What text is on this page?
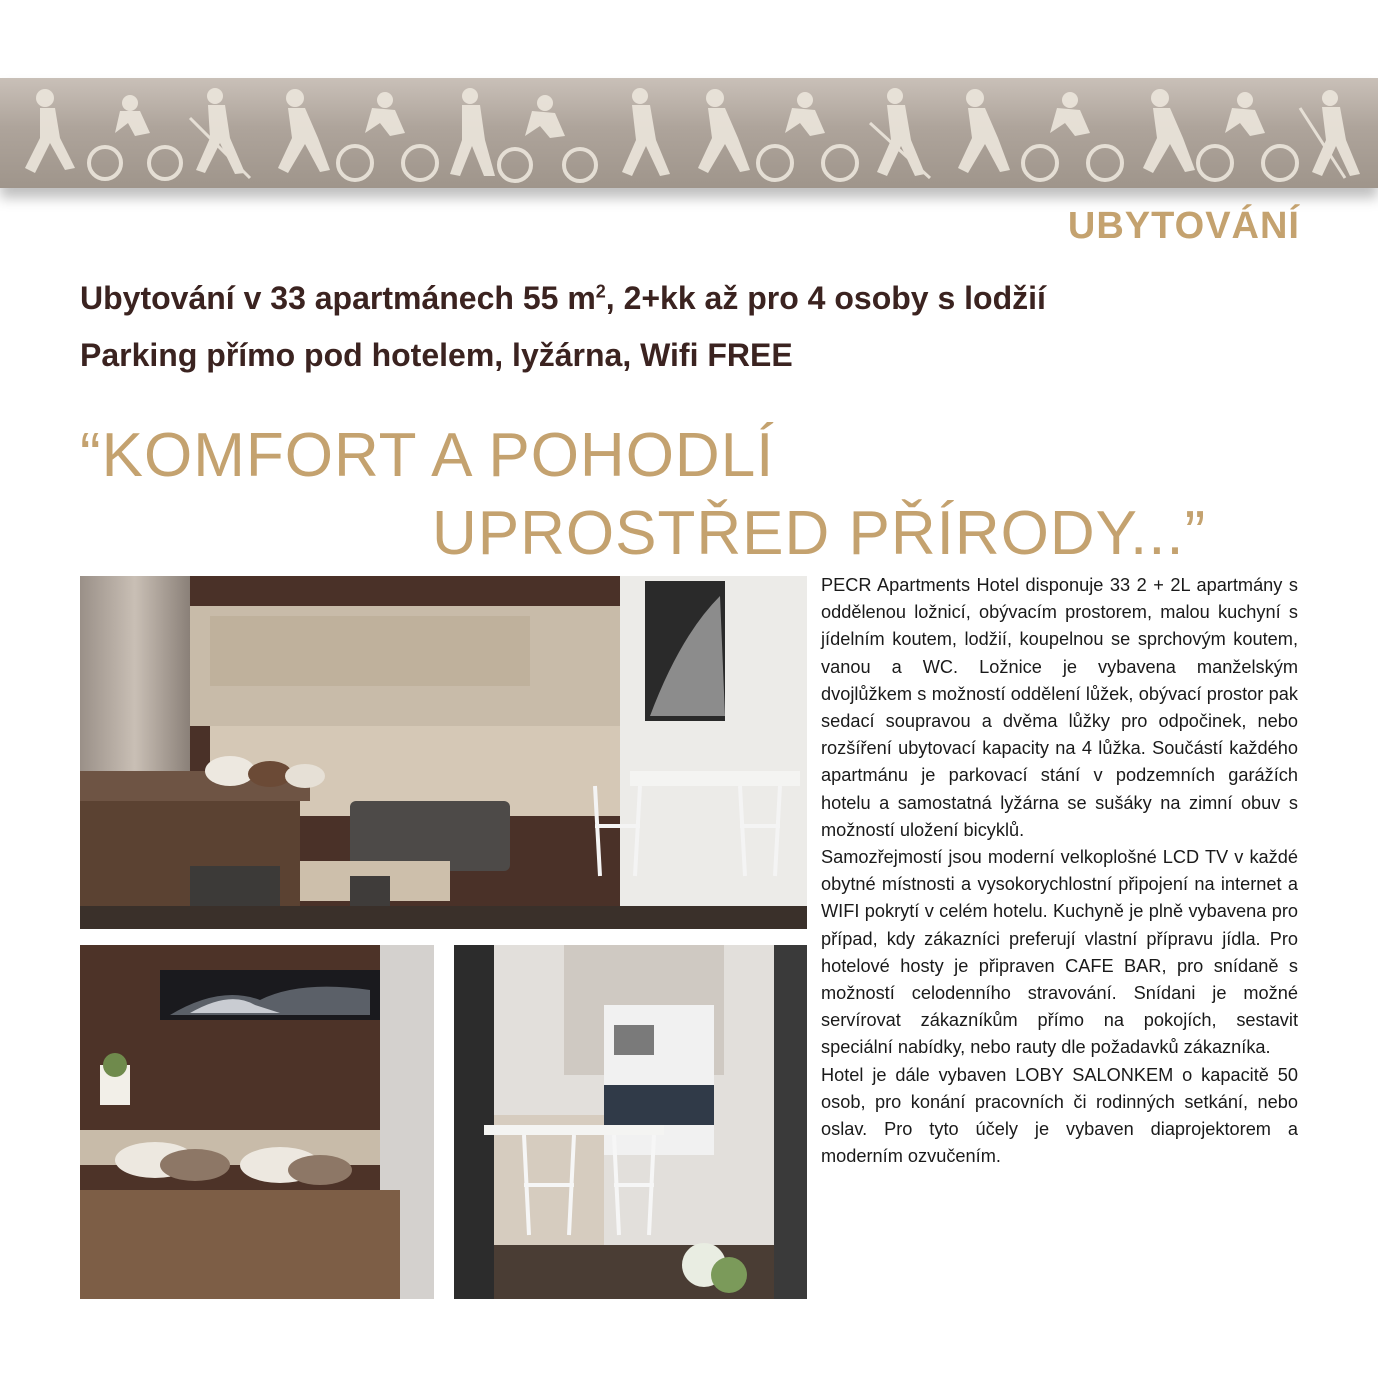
UBYTOVÁNÍ
Ubytování v 33 apartmánech 55 $m^2$, 2+kk až pro 4 osoby s lodžií
Parking přímo pod hotelem, lyžárna, Wifi FREE
“KOMFORT A POHODLÍ
UPROSTŘED PŘÍRODY...”

PECR Apartments Hotel disponuje 33 2 + 2L apartmány s oddělenou ložnicí, obývacím prostorem, malou kuchyní s jídelním koutem, lodžií, koupelnou se sprchovým koutem, vanou a WC. Ložnice je vybavena manželským dvojlůžkem s možností oddělení lůžek, obývací prostor pak sedací soupravou a dvěma lůžky pro odpočinek, nebo rozšíření ubytovací kapacity na 4 lůžka. Součástí každého apartmánu je parkovací stání v podzemních garážích hotelu a samostatná lyžárna se sušáky na zimní obuv s možností uložení bicyklů.

Samozřejmostí jsou moderní velkoplošné LCD TV v každé obytné místnosti a vysokorychlostní připojení na internet a WIFI pokrytí v celém hotelu. Kuchyně je plně vybavena pro případ, kdy zákazníci preferují vlastní přípravu jídla. Pro hotelové hosty je připraven CAFE BAR, pro snídaně s možností celodenního stravování. Snídani je možné servírovat zákazníkům přímo na pokojích, sestavit speciální nabídky, nebo rauty dle požadavků zákazníka.

Hotel je dále vybaven LOBY SALONKEM o kapacitě 50 osob, pro konání pracovních či rodinných setkání, nebo oslav. Pro tyto účely je vybaven diaprojektorem a moderním ozvučením.
